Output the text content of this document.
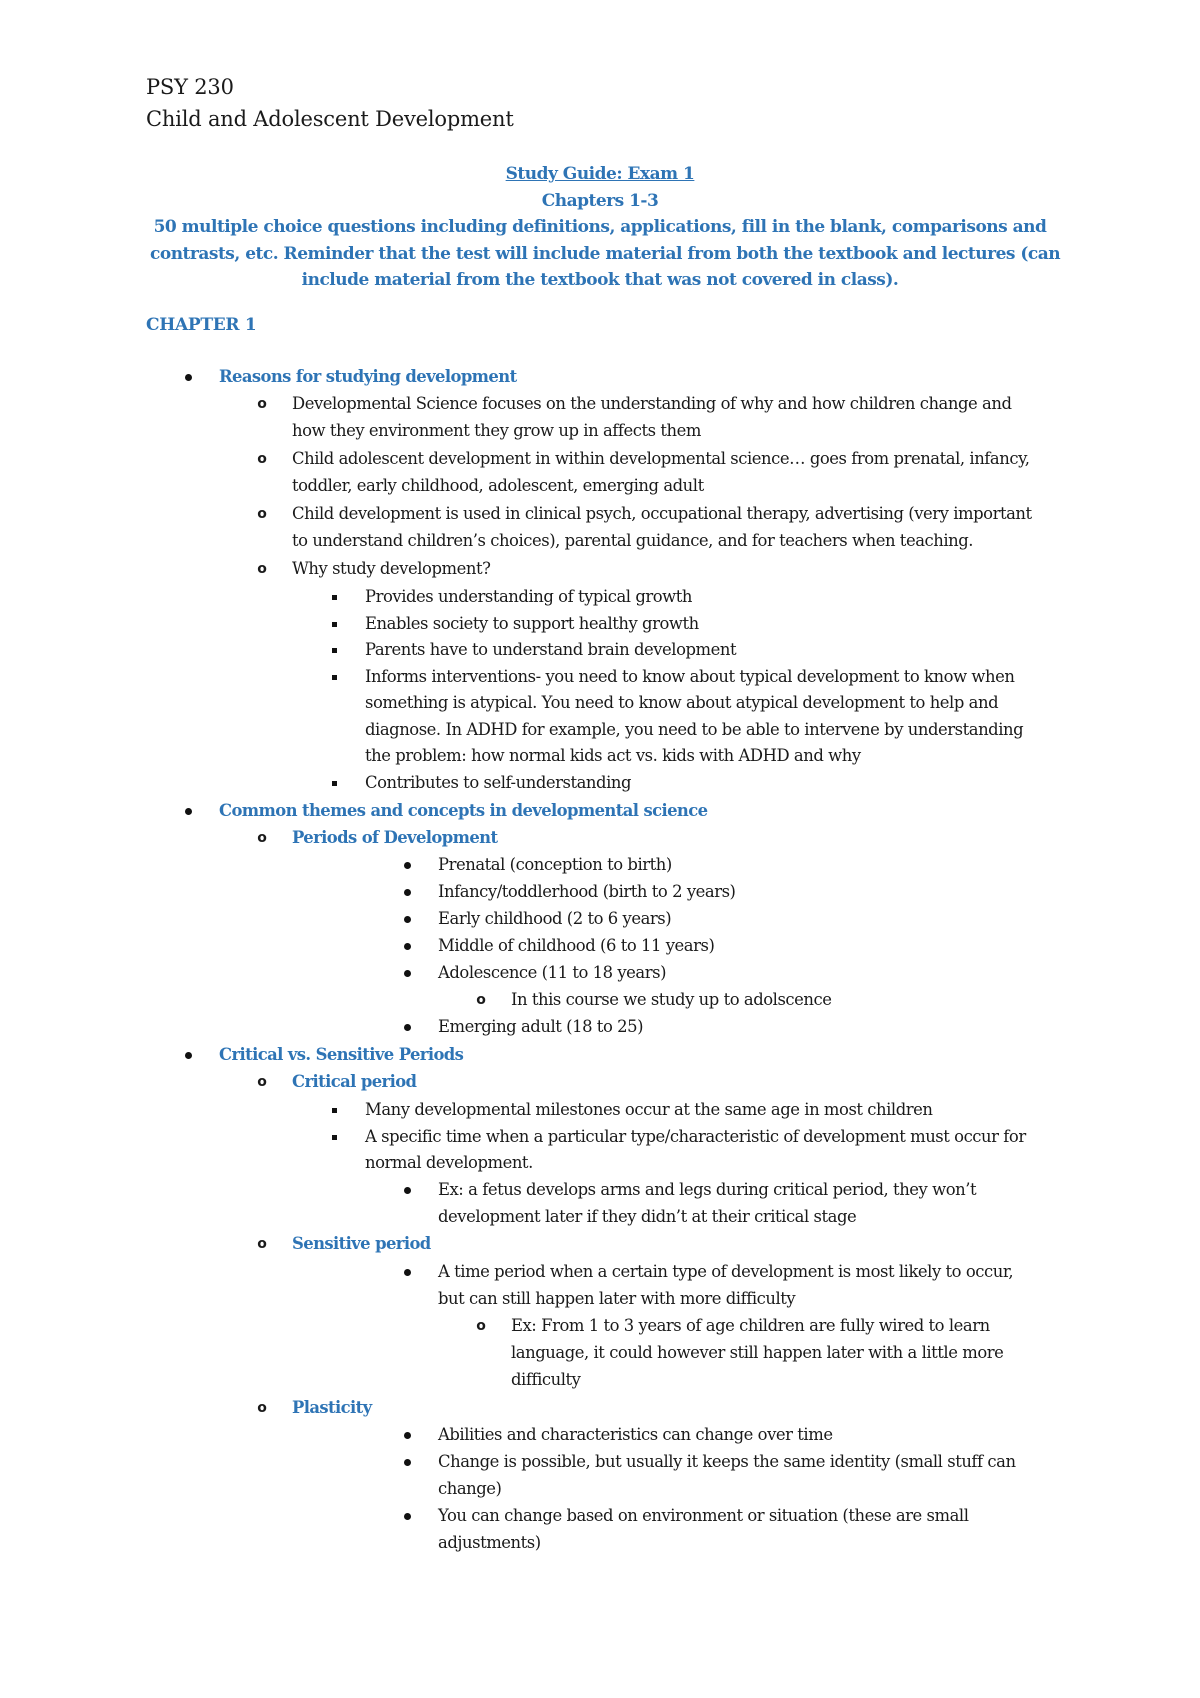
PSY 230
Child and Adolescent Development
Study Guide: Exam 1
Chapters 1-3
50 multiple choice questions including definitions, applications, fill in the blank, comparisons and
contrasts, etc. Reminder that the test will include material from both the textbook and lectures (can
include material from the textbook that was not covered in class).
CHAPTER 1
Reasons for studying development
o	Developmental Science focuses on the understanding of why and how children change and
how they environment they grow up in affects them
o	Child adolescent development in within developmental science… goes from prenatal, infancy,
toddler, early childhood, adolescent, emerging adult
o	Child development is used in clinical psych, occupational therapy, advertising (very important
to understand children’s choices), parental guidance, and for teachers when teaching.
o	Why study development?
Provides understanding of typical growth
Enables society to support healthy growth
Parents have to understand brain development
Informs interventions- you need to know about typical development to know when
something is atypical. You need to know about atypical development to help and
diagnose. In ADHD for example, you need to be able to intervene by understanding
the problem: how normal kids act vs. kids with ADHD and why
Contributes to self-understanding
Common themes and concepts in developmental science
o	Periods of Development
Prenatal (conception to birth)
Infancy/toddlerhood (birth to 2 years)
Early childhood (2 to 6 years)
Middle of childhood (6 to 11 years)
Adolescence (11 to 18 years)
o	In this course we study up to adolscence
Emerging adult (18 to 25)
Critical vs. Sensitive Periods
o	Critical period
Many developmental milestones occur at the same age in most children
A specific time when a particular type/characteristic of development must occur for
normal development.
Ex: a fetus develops arms and legs during critical period, they won’t
development later if they didn’t at their critical stage
o	Sensitive period
A time period when a certain type of development is most likely to occur,
but can still happen later with more difficulty
o	Ex: From 1 to 3 years of age children are fully wired to learn
language, it could however still happen later with a little more
difficulty
o	Plasticity
Abilities and characteristics can change over time
Change is possible, but usually it keeps the same identity (small stuff can
change)
You can change based on environment or situation (these are small
adjustments)
